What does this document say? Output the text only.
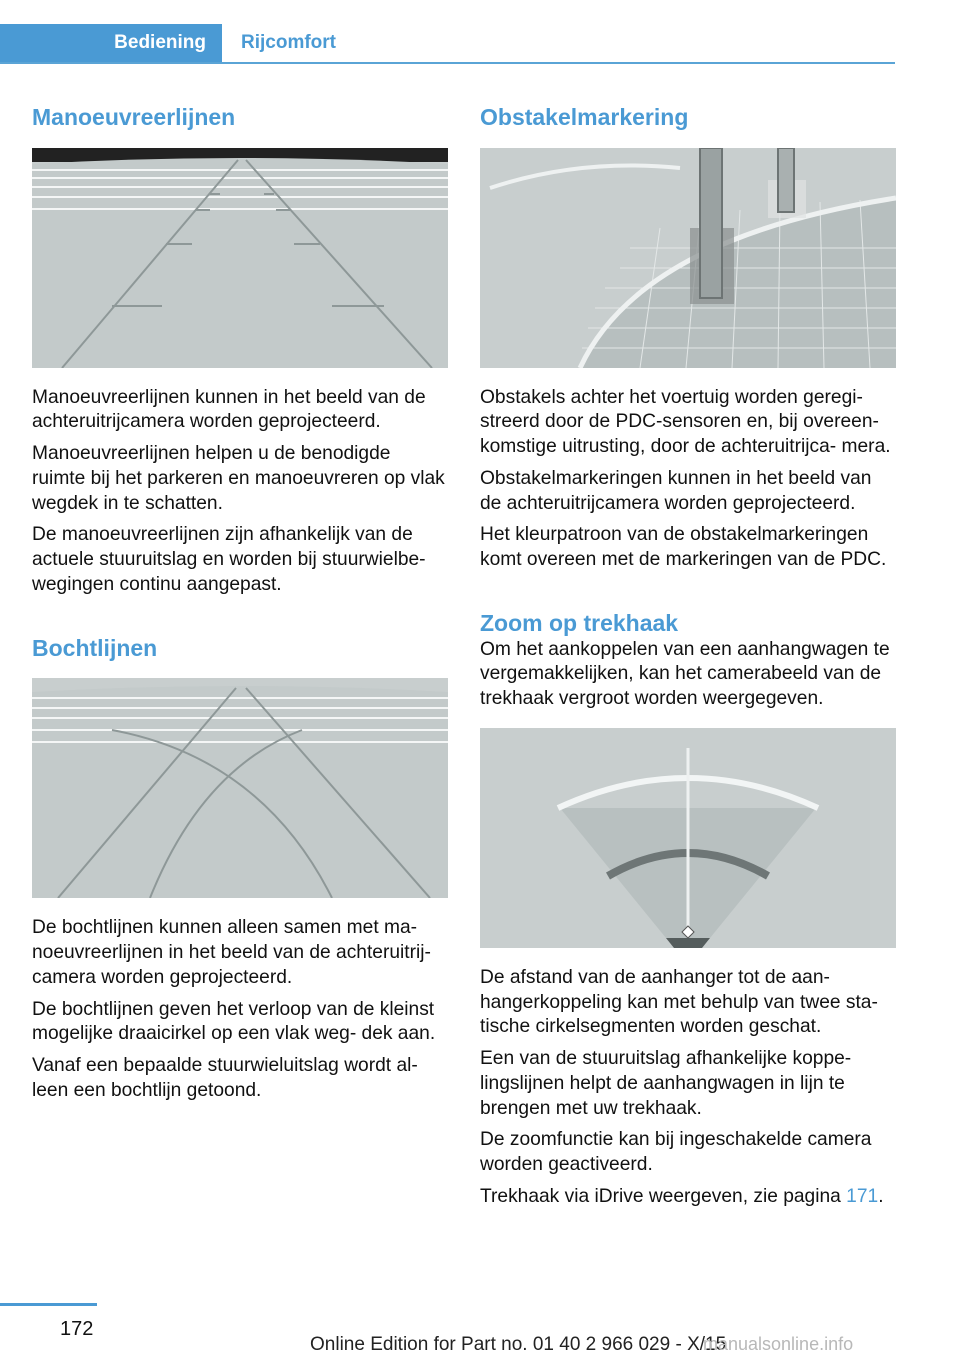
Bediening Rijcomfort
Manoeuvreerlijnen

Manoeuvreerlijnen kunnen in het beeld van de achteruitrijcamera worden geprojecteerd.

Manoeuvreerlijnen helpen u de benodigde ruimte bij het parkeren en manoeuvreren op vlak wegdek in te schatten.

De manoeuvreerlijnen zijn afhankelijk van de actuele stuuruitslag en worden bij stuurwielbe‐ wegingen continu aangepast.

Bochtlijnen

De bochtlijnen kunnen alleen samen met ma‐ noeuvreerlijnen in het beeld van de achteruitrij‐ camera worden geprojecteerd.

De bochtlijnen geven het verloop van de kleinst mogelijke draaicirkel op een vlak weg‐ dek aan.

Vanaf een bepaalde stuurwieluitslag wordt al‐ leen een bochtlijn getoond.

Obstakelmarkering

Obstakels achter het voertuig worden geregi‐ streerd door de PDC-sensoren en, bij overeen‐ komstige uitrusting, door de achteruitrijca‐ mera.

Obstakelmarkeringen kunnen in het beeld van de achteruitrijcamera worden geprojecteerd.

Het kleurpatroon van de obstakelmarkeringen komt overeen met de markeringen van de PDC.

Zoom op trekhaak

Om het aankoppelen van een aanhangwagen te vergemakkelijken, kan het camerabeeld van de trekhaak vergroot worden weergegeven.

De afstand van de aanhanger tot de aan‐ hangerkoppeling kan met behulp van twee sta‐ tische cirkelsegmenten worden geschat.

Een van de stuuruitslag afhankelijke koppe‐ lingslijnen helpt de aanhangwagen in lijn te brengen met uw trekhaak.

De zoomfunctie kan bij ingeschakelde camera worden geactiveerd.

Trekhaak via iDrive weergeven, zie pagina 171.

172
Online Edition for Part no. 01 40 2 966 029 - X/15
manualsonline.info
